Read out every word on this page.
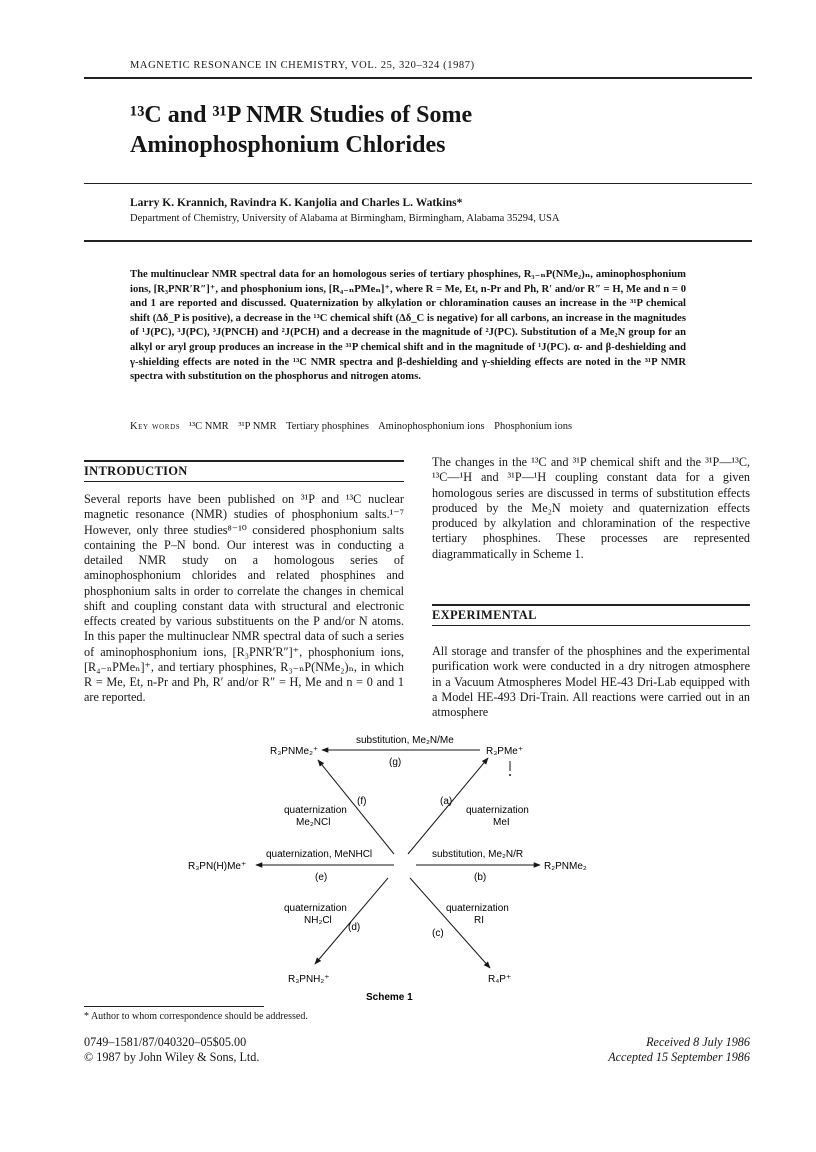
MAGNETIC RESONANCE IN CHEMISTRY, VOL. 25, 320–324 (1987)
¹³C and ³¹P NMR Studies of Some
Aminophosphonium Chlorides
Larry K. Krannich, Ravindra K. Kanjolia and Charles L. Watkins*
Department of Chemistry, University of Alabama at Birmingham, Birmingham, Alabama 35294, USA
The multinuclear NMR spectral data for an homologous series of tertiary phosphines, R₃₋ₙP(NMe₂)ₙ, aminophosphonium ions, [R₃PNR′R″]⁺, and phosphonium ions, [R₄₋ₙPMeₙ]⁺, where R = Me, Et, n-Pr and Ph, R′ and/or R″ = H, Me and n = 0 and 1 are reported and discussed. Quaternization by alkylation or chloramination causes an increase in the ³¹P chemical shift (Δδ_P is positive), a decrease in the ¹³C chemical shift (Δδ_C is negative) for all carbons, an increase in the magnitudes of ¹J(PC), ³J(PC), ³J(PNCH) and ²J(PCH) and a decrease in the magnitude of ²J(PC). Substitution of a Me₂N group for an alkyl or aryl group produces an increase in the ³¹P chemical shift and in the magnitude of ¹J(PC). α- and β-deshielding and γ-shielding effects are noted in the ¹³C NMR spectra and β-deshielding and γ-shielding effects are noted in the ³¹P NMR spectra with substitution on the phosphorus and nitrogen atoms.
Key words ¹³C NMR ³¹P NMR Tertiary phosphines Aminophosphonium ions Phosphonium ions
INTRODUCTION

Several reports have been published on ³¹P and ¹³C nuclear magnetic resonance (NMR) studies of phosphonium salts.¹⁻⁷ However, only three studies⁸⁻¹⁰ considered phosphonium salts containing the P–N bond. Our interest was in conducting a detailed NMR study on a homologous series of aminophosphonium chlorides and related phosphines and phosphonium salts in order to correlate the changes in chemical shift and coupling constant data with structural and electronic effects created by various substituents on the P and/or N atoms. In this paper the multinuclear NMR spectral data of such a series of aminophosphonium ions, [R₃PNR′R″]⁺, phosphonium ions, [R₄₋ₙPMeₙ]⁺, and tertiary phosphines, R₃₋ₙP(NMe₂)ₙ, in which R = Me, Et, n-Pr and Ph, R′ and/or R″ = H, Me and n = 0 and 1 are reported.

The changes in the ¹³C and ³¹P chemical shift and the ³¹P—¹³C, ¹³C—¹H and ³¹P—¹H coupling constant data for a given homologous series are discussed in terms of substitution effects produced by the Me₂N moiety and quaternization effects produced by alkylation and chloramination of the respective tertiary phosphines. These processes are represented diagrammatically in Scheme 1.

EXPERIMENTAL

All storage and transfer of the phosphines and the experimental purification work were conducted in a dry nitrogen atmosphere in a Vacuum Atmospheres Model HE-43 Dri-Lab equipped with a Model HE-493 Dri-Train. All reactions were carried out in an atmosphere

R₃PNMe₂⁺	R₃PMe⁺
R₃PN(H)Me⁺	R₂PNMe₂
R₃PNH₂⁺	R₄P⁺
substitution, Me₂N/Me
(g)
(f)
quaternization
Me₂NCl
(a)
quaternization
MeI
quaternization, MeNHCl
(e)
substitution, Me₂N/R
(b)
quaternization
NH₂Cl
(d)
quaternization
RI
(c)
Scheme 1
* Author to whom correspondence should be addressed.
0749–1581/87/040320–05$05.00
© 1987 by John Wiley & Sons, Ltd.
Received 8 July 1986
Accepted 15 September 1986
